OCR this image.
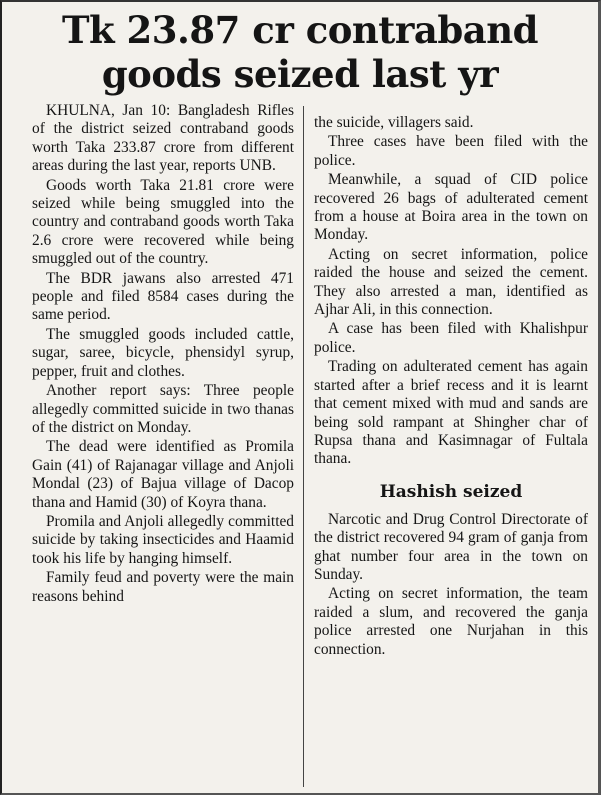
Tk 23.87 cr contraband
goods seized last yr

KHULNA, Jan 10: Bangladesh Rifles of the district seized contraband goods worth Taka 233.87 crore from different areas during the last year, reports UNB.

Goods worth Taka 21.81 crore were seized while being smuggled into the country and contraband goods worth Taka 2.6 crore were recovered while being smuggled out of the country.

The BDR jawans also arrested 471 people and filed 8584 cases during the same period.

The smuggled goods included cattle, sugar, saree, bicycle, phensidyl syrup, pepper, fruit and clothes.

Another report says: Three people allegedly committed suicide in two thanas of the district on Monday.

The dead were identified as Promila Gain (41) of Rajanagar village and Anjoli Mondal (23) of Bajua village of Dacop thana and Hamid (30) of Koyra thana.

Promila and Anjoli allegedly committed suicide by taking insecticides and Haamid took his life by hanging himself.

Family feud and poverty were the main reasons behind

the suicide, villagers said.

Three cases have been filed with the police.

Meanwhile, a squad of CID police recovered 26 bags of adulterated cement from a house at Boira area in the town on Monday.

Acting on secret information, police raided the house and seized the cement. They also arrested a man, identified as Ajhar Ali, in this connection.

A case has been filed with Khalishpur police.

Trading on adulterated cement has again started after a brief recess and it is learnt that cement mixed with mud and sands are being sold rampant at Shingher char of Rupsa thana and Kasimnagar of Fultala thana.

Hashish seized

Narcotic and Drug Control Directorate of the district recovered 94 gram of ganja from ghat number four area in the town on Sunday.

Acting on secret information, the team raided a slum, and recovered the ganja police arrested one Nurjahan in this connection.
